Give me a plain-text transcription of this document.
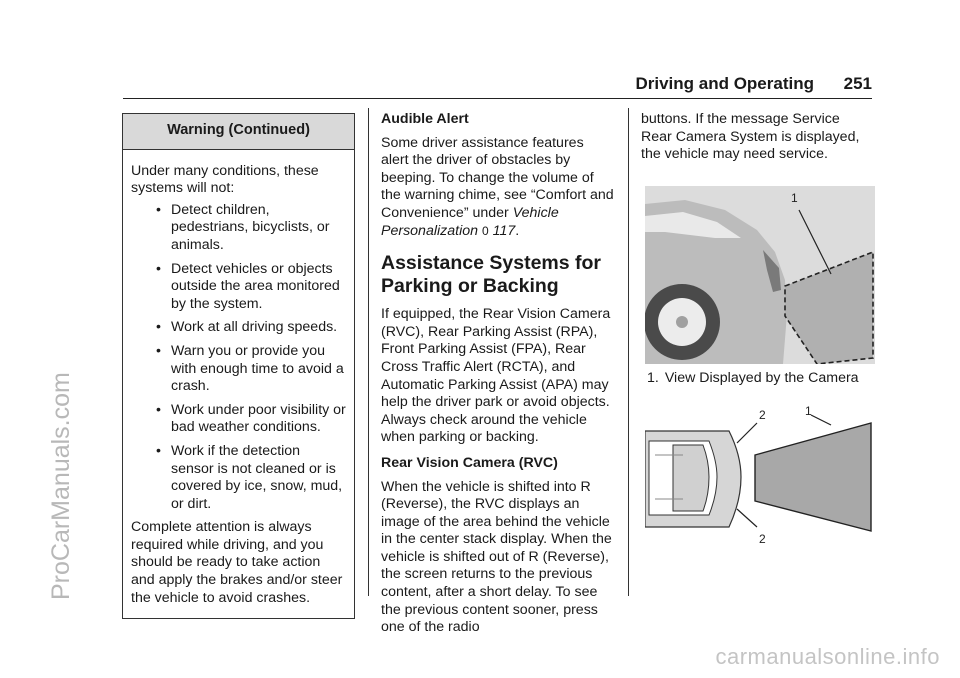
ProCarManuals.com
carmanualsonline.info
Driving and Operating 251
Warning (Continued)

Under many conditions, these systems will not:

• Detect children, pedestrians, bicyclists, or animals.
• Detect vehicles or objects outside the area monitored by the system.
• Work at all driving speeds.
• Warn you or provide you with enough time to avoid a crash.
• Work under poor visibility or bad weather conditions.
• Work if the detection sensor is not cleaned or is covered by ice, snow, mud, or dirt.

Complete attention is always required while driving, and you should be ready to take action and apply the brakes and/or steer the vehicle to avoid crashes.

Audible Alert

Some driver assistance features alert the driver of obstacles by beeping. To change the volume of the warning chime, see “Comfort and Convenience” under Vehicle Personalization 0 117.

Assistance Systems for Parking or Backing

If equipped, the Rear Vision Camera (RVC), Rear Parking Assist (RPA), Front Parking Assist (FPA), Rear Cross Traffic Alert (RCTA), and Automatic Parking Assist (APA) may help the driver park or avoid objects. Always check around the vehicle when parking or backing.

Rear Vision Camera (RVC)

When the vehicle is shifted into R (Reverse), the RVC displays an image of the area behind the vehicle in the center stack display. When the vehicle is shifted out of R (Reverse), the screen returns to the previous content, after a short delay. To see the previous content sooner, press one of the radio

buttons. If the message Service Rear Camera System is displayed, the vehicle may need service.

1

1. View Displayed by the Camera

2	1
2
